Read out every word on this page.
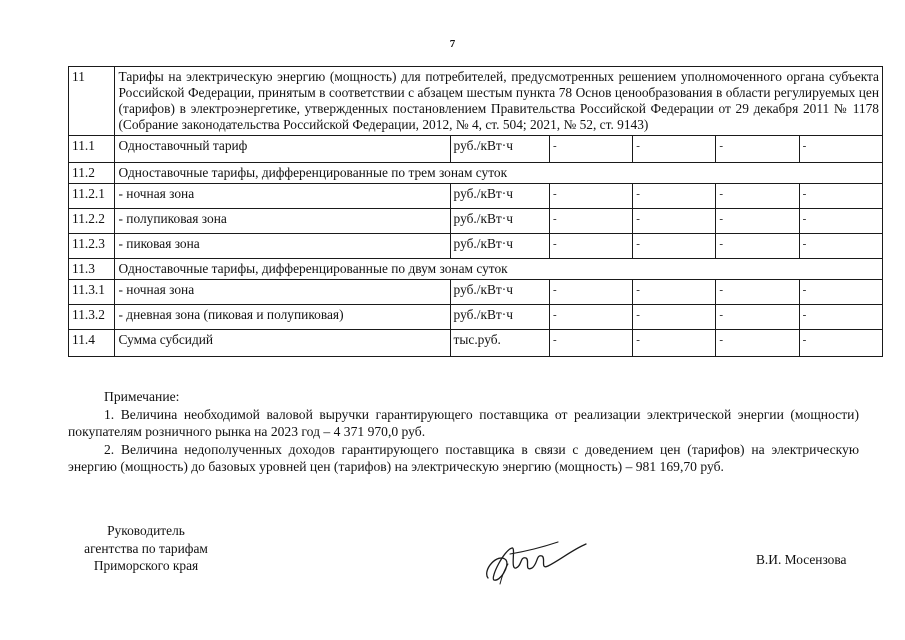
7
11	Тарифы на электрическую энергию (мощность) для потребителей, предусмотренных решением уполномоченного органа субъекта Российской Федерации, принятым в соответствии с абзацем шестым пункта 78 Основ ценообразования в области регулируемых цен (тарифов) в электроэнергетике, утвержденных постановлением Правительства Российской Федерации от 29 декабря 2011 № 1178 (Собрание законодательства Российской Федерации, 2012, № 4, ст. 504; 2021, № 52, ст. 9143)					
11.1	Одноставочный тариф	руб./кВт·ч	-	-	-	-
11.2	Одноставочные тарифы, дифференцированные по трем зонам суток					
11.2.1	- ночная зона	руб./кВт·ч	-	-	-	-
11.2.2	- полупиковая зона	руб./кВт·ч	-	-	-	-
11.2.3	- пиковая зона	руб./кВт·ч	-	-	-	-
11.3	Одноставочные тарифы, дифференцированные по двум зонам суток					
11.3.1	- ночная зона	руб./кВт·ч	-	-	-	-
11.3.2	- дневная зона (пиковая и полупиковая)	руб./кВт·ч	-	-	-	-
11.4	Сумма субсидий	тыс.руб.	-	-	-	-
Примечание:

1. Величина необходимой валовой выручки гарантирующего поставщика от реализации электрической энергии (мощности) покупателям розничного рынка на 2023 год – 4 371 970,0 руб.

2. Величина недополученных доходов гарантирующего поставщика в связи с доведением цен (тарифов) на электрическую энергию (мощность) до базовых уровней цен (тарифов) на электрическую энергию (мощность) – 981 169,70 руб.

Руководитель
агентства по тарифам
Приморского края	В.И. Мосензова
